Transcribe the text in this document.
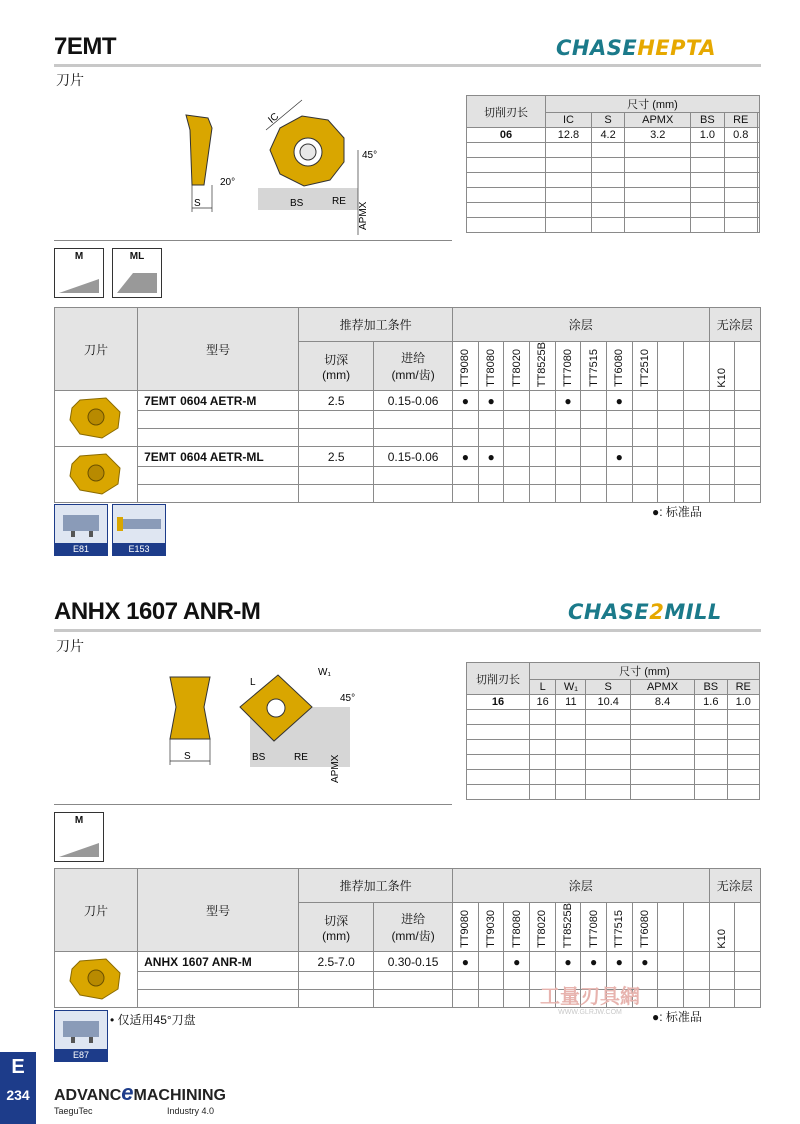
7EMT	CHASEHEPTA
刀片
S
20°
IC
45°
BS	RE
APMX
切削刃长	尺寸 (mm)					
	IC	S	APMX	BS	RE	
06	12.8	4.2	3.2	1.0	0.8	

M	ML
刀片	型号	推荐加工条件		涂层										无涂层	
		切深
(mm)	进给
(mm/齿)	TT9080	TT8080	TT8020	TT8525B	TT7080	TT7515	TT6080	TT2510			K10	
	7EMT 0604 AETR-M	2.5	0.15-0.06	●	●			●		●					

	7EMT 0604 AETR-ML	2.5	0.15-0.06	●	●					●					

●: 标准品
E81	E153
ANHX 1607 ANR-M	CHASE2MILL
刀片
S
L
W₁
45°
BS	RE APMX
切削刃长	尺寸 (mm)					
	L	W₁	S	APMX	BS	RE
16	16	11	10.4	8.4	1.6	1.0

M
刀片	型号	推荐加工条件		涂层										无涂层	
		切深
(mm)	进给
(mm/齿)	TT9080	TT9030	TT8080	TT8020	TT8525B	TT7080	TT7515	TT6080			K10	
	ANHX 1607 ANR-M	2.5-7.0	0.30-0.15	●		●		●	●	●	●				

工量刃具網
WWW.GLRJW.COM	●: 标准品
• 仅适用45°刀盘
E87
E
234	ADVANCeMACHINING
TaeguTec	Industry 4.0
